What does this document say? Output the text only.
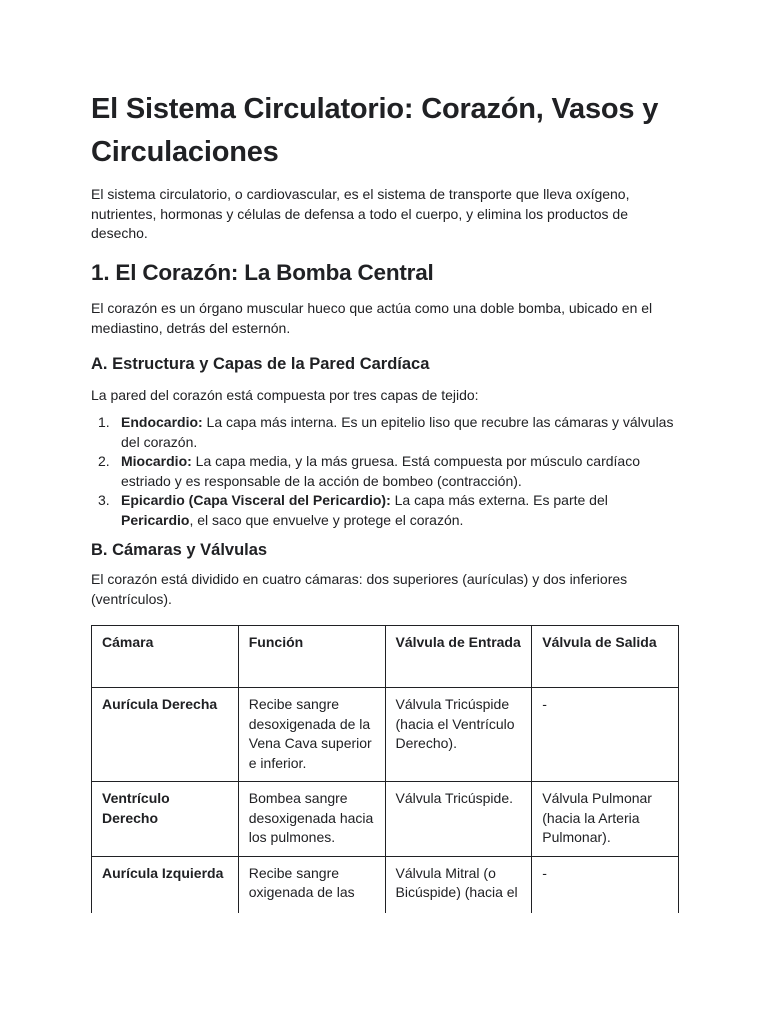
El Sistema Circulatorio: Corazón, Vasos y Circulaciones

El sistema circulatorio, o cardiovascular, es el sistema de transporte que lleva oxígeno, nutrientes, hormonas y células de defensa a todo el cuerpo, y elimina los productos de desecho.

1. El Corazón: La Bomba Central

El corazón es un órgano muscular hueco que actúa como una doble bomba, ubicado en el mediastino, detrás del esternón.

A. Estructura y Capas de la Pared Cardíaca

La pared del corazón está compuesta por tres capas de tejido:

1. Endocardio: La capa más interna. Es un epitelio liso que recubre las cámaras y válvulas del corazón.
2. Miocardio: La capa media, y la más gruesa. Está compuesta por músculo cardíaco estriado y es responsable de la acción de bombeo (contracción).
3. Epicardio (Capa Visceral del Pericardio): La capa más externa. Es parte del Pericardio, el saco que envuelve y protege el corazón.
B. Cámaras y Válvulas

El corazón está dividido en cuatro cámaras: dos superiores (aurículas) y dos inferiores (ventrículos).

Cámara	Función	Válvula de Entrada	Válvula de Salida
Aurícula Derecha	Recibe sangre desoxigenada de la Vena Cava superior e inferior.	Válvula Tricúspide (hacia el Ventrículo Derecho).	-
Ventrículo Derecho	Bombea sangre desoxigenada hacia los pulmones.	Válvula Tricúspide.	Válvula Pulmonar (hacia la Arteria Pulmonar).
Aurícula Izquierda	Recibe sangre oxigenada de las	Válvula Mitral (o Bicúspide) (hacia el	-
